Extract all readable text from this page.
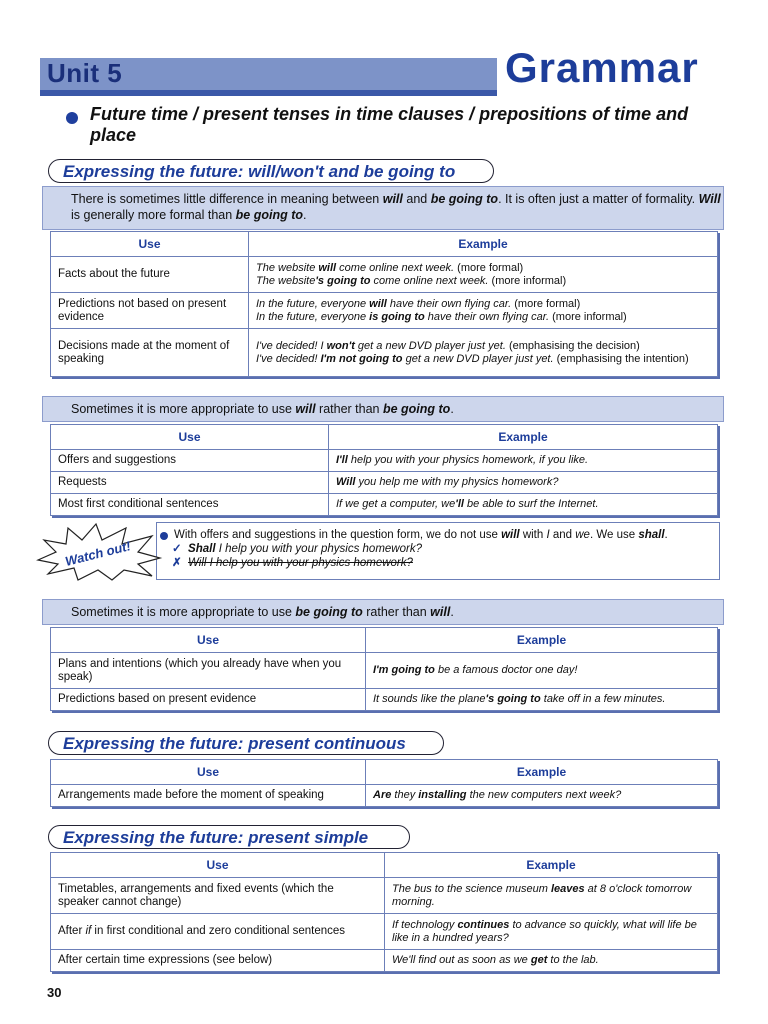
Unit 5	Grammar
Future time / present tenses in time clauses / prepositions of time and place
Expressing the future: will/won't and be going to
There is sometimes little difference in meaning between will and be going to. It is often just a matter of formality. Will is generally more formal than be going to.
Use	Example
Facts about the future	The website will come online next week. (more formal)
The website's going to come online next week. (more informal)
Predictions not based on present evidence	In the future, everyone will have their own flying car. (more formal)
In the future, everyone is going to have their own flying car. (more informal)
Decisions made at the moment of speaking	I've decided! I won't get a new DVD player just yet. (emphasising the decision)
I've decided! I'm not going to get a new DVD player just yet. (emphasising the intention)
Sometimes it is more appropriate to use will rather than be going to.
Use	Example
Offers and suggestions	I'll help you with your physics homework, if you like.
Requests	Will you help me with my physics homework?
Most first conditional sentences	If we get a computer, we'll be able to surf the Internet.
Watch out!
With offers and suggestions in the question form, we do not use will with I and we. We use shall.
✓ Shall I help you with your physics homework?
✗ Will I help you with your physics homework?
Sometimes it is more appropriate to use be going to rather than will.
Use	Example
Plans and intentions (which you already have when you speak)	I'm going to be a famous doctor one day!
Predictions based on present evidence	It sounds like the plane's going to take off in a few minutes.
Expressing the future: present continuous
Use	Example
Arrangements made before the moment of speaking	Are they installing the new computers next week?
Expressing the future: present simple
Use	Example
Timetables, arrangements and fixed events (which the speaker cannot change)	The bus to the science museum leaves at 8 o'clock tomorrow morning.
After if in first conditional and zero conditional sentences	If technology continues to advance so quickly, what will life be like in a hundred years?
After certain time expressions (see below)	We'll find out as soon as we get to the lab.
30
